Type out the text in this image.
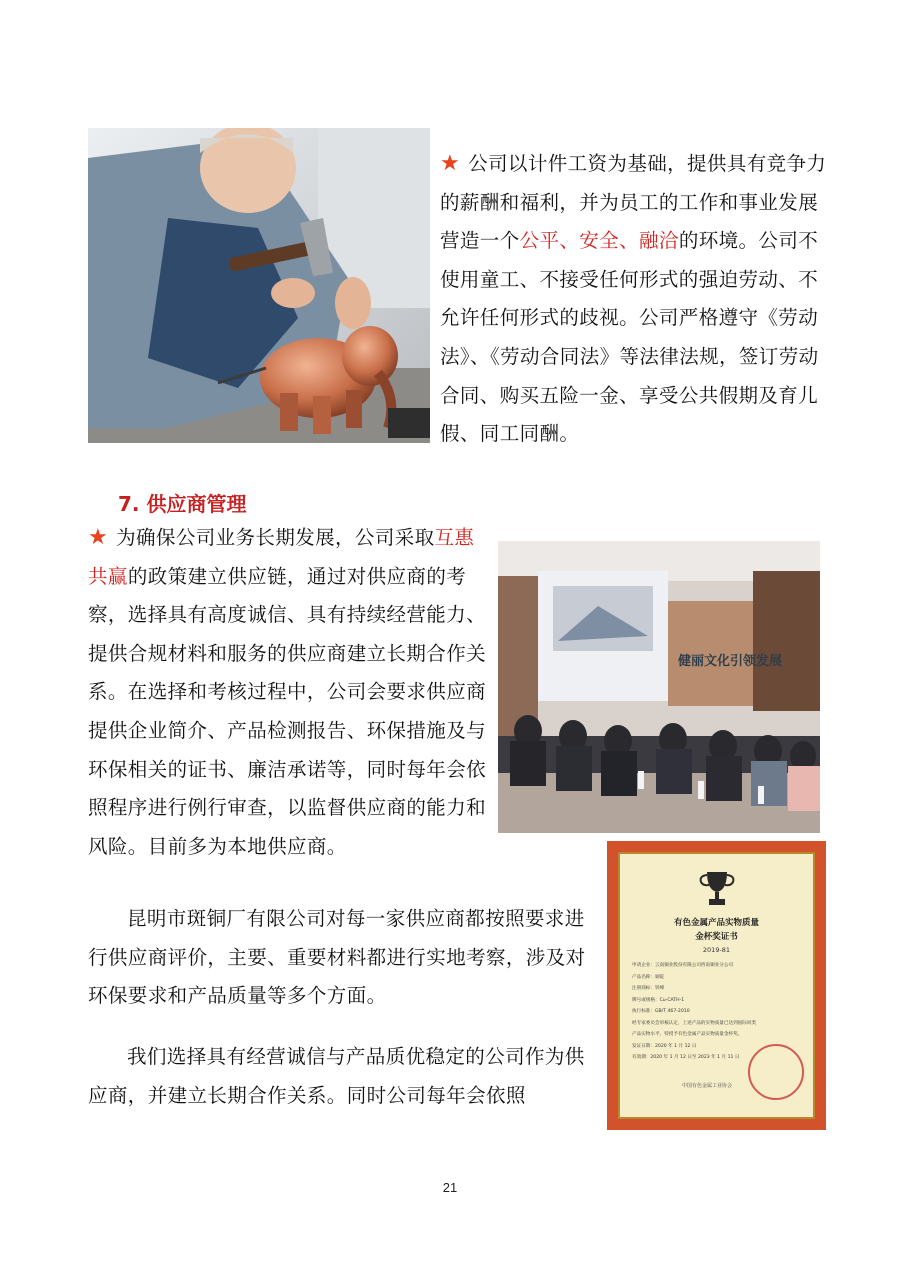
★ 公司以计件工资为基础，提供具有竞争力的薪酬和福利，并为员工的工作和事业发展营造一个公平、安全、融洽的环境。公司不使用童工、不接受任何形式的强迫劳动、不允许任何形式的歧视。公司严格遵守《劳动法》、《劳动合同法》等法律法规，签订劳动合同、购买五险一金、享受公共假期及育儿假、同工同酬。

7. 供应商管理

★ 为确保公司业务长期发展，公司采取互惠共赢的政策建立供应链，通过对供应商的考察，选择具有高度诚信、具有持续经营能力、提供合规材料和服务的供应商建立长期合作关系。在选择和考核过程中，公司会要求供应商提供企业简介、产品检测报告、环保措施及与环保相关的证书、廉洁承诺等，同时每年会依照程序进行例行审查，以监督供应商的能力和风险。目前多为本地供应商。

健丽文化引领发展

昆明市斑铜厂有限公司对每一家供应商都按照要求进行供应商评价，主要、重要材料都进行实地考察，涉及对环保要求和产品质量等多个方面。

我们选择具有经营诚信与产品质优稳定的公司作为供应商，并建立长期合作关系。同时公司每年会依照

有色金属产品实物质量
金杯奖证书
2019-81
申请企业：云南铜业股份有限公司西南铜业分公司
产品名称：铜锭
注册商标：铁峰
牌号或规格：Cu-CATH-1
执行标准：GB/T 467-2010
经专家委员会审核认定，上述产品的实物质量已达到国际同类
产品实物水平，特授予有色金属产品实物质量金杯奖。
发证日期：2020 年 1 月 12 日
有效期：2020 年 1 月 12 日至 2023 年 1 月 11 日
中国有色金属工业协会
21
